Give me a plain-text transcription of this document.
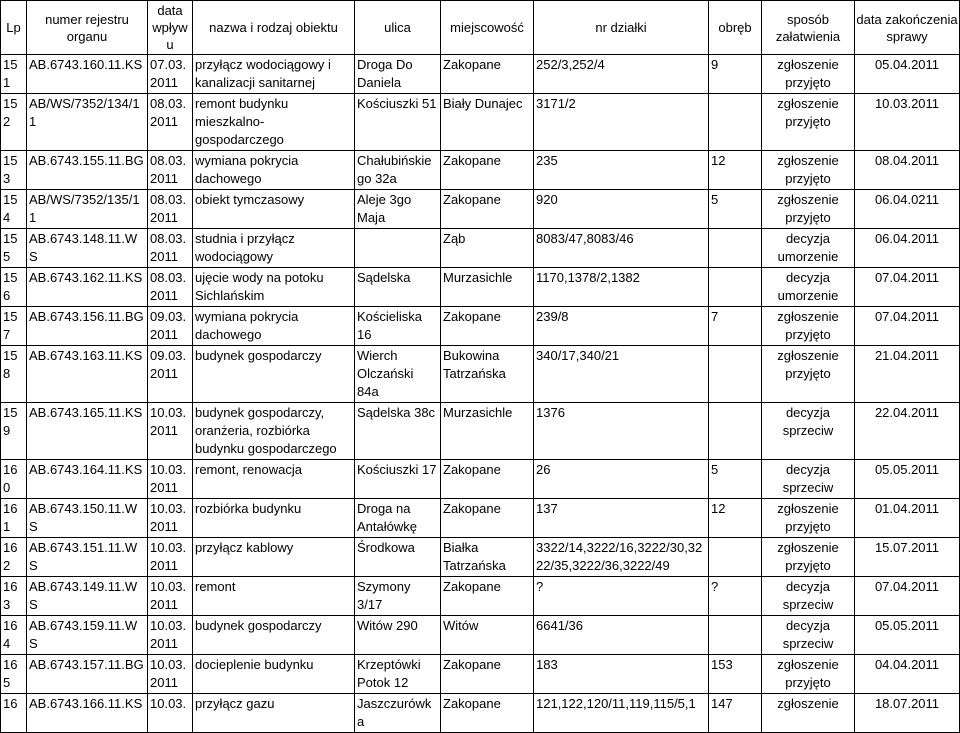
Lp	numer rejestru organu	data wpływu	nazwa i rodzaj obiektu	ulica	miejscowość	nr działki	obręb	sposób załatwienia	data zakończenia sprawy
15 1	AB.6743.160.11.KS	07.03. 2011	przyłącz wodociągowy i kanalizacji sanitarnej	Droga Do Daniela	Zakopane	252/3,252/4	9	zgłoszenie przyjęto	05.04.2011
15 2	AB/WS/7352/134/1 1	08.03. 2011	remont budynku mieszkalno-gospodarczego	Kościuszki 51	Biały Dunajec	3171/2		zgłoszenie przyjęto	10.03.2011
15 3	AB.6743.155.11.BG	08.03. 2011	wymiana pokrycia dachowego	Chałubińskie go 32a	Zakopane	235	12	zgłoszenie przyjęto	08.04.2011
15 4	AB/WS/7352/135/1 1	08.03. 2011	obiekt tymczasowy	Aleje 3go Maja	Zakopane	920	5	zgłoszenie przyjęto	06.04.0211
15 5	AB.6743.148.11.WS	08.03. 2011	studnia i przyłącz wodociągowy		Ząb	8083/47,8083/46		decyzja umorzenie	06.04.2011
15 6	AB.6743.162.11.KS	08.03. 2011	ujęcie wody na potoku Sichlańskim	Sądelska	Murzasichle	1170,1378/2,1382		decyzja umorzenie	07.04.2011
15 7	AB.6743.156.11.BG	09.03. 2011	wymiana pokrycia dachowego	Kościeliska 16	Zakopane	239/8	7	zgłoszenie przyjęto	07.04.2011
15 8	AB.6743.163.11.KS	09.03. 2011	budynek gospodarczy	Wierch Olczański 84a	Bukowina Tatrzańska	340/17,340/21		zgłoszenie przyjęto	21.04.2011
15 9	AB.6743.165.11.KS	10.03. 2011	budynek gospodarczy, oranżeria, rozbiórka budynku gospodarczego	Sądelska 38c	Murzasichle	1376		decyzja sprzeciw	22.04.2011
16 0	AB.6743.164.11.KS	10.03. 2011	remont, renowacja	Kościuszki 17	Zakopane	26	5	decyzja sprzeciw	05.05.2011
16 1	AB.6743.150.11.WS	10.03. 2011	rozbiórka budynku	Droga na Antałówkę	Zakopane	137	12	zgłoszenie przyjęto	01.04.2011
16 2	AB.6743.151.11.WS	10.03. 2011	przyłącz kablowy	Środkowa	Białka Tatrzańska	3322/14,3222/16,3222/30,32 22/35,3222/36,3222/49		zgłoszenie przyjęto	15.07.2011
16 3	AB.6743.149.11.WS	10.03. 2011	remont	Szymony 3/17	Zakopane	?	?	decyzja sprzeciw	07.04.2011
16 4	AB.6743.159.11.WS	10.03. 2011	budynek gospodarczy	Witów 290	Witów	6641/36		decyzja sprzeciw	05.05.2011
16 5	AB.6743.157.11.BG	10.03. 2011	docieplenie budynku	Krzeptówki Potok 12	Zakopane	183	153	zgłoszenie przyjęto	04.04.2011
16	AB.6743.166.11.KS	10.03.	przyłącz gazu	Jaszczurówka	Zakopane	121,122,120/11,119,115/5,1	147	zgłoszenie	18.07.2011
